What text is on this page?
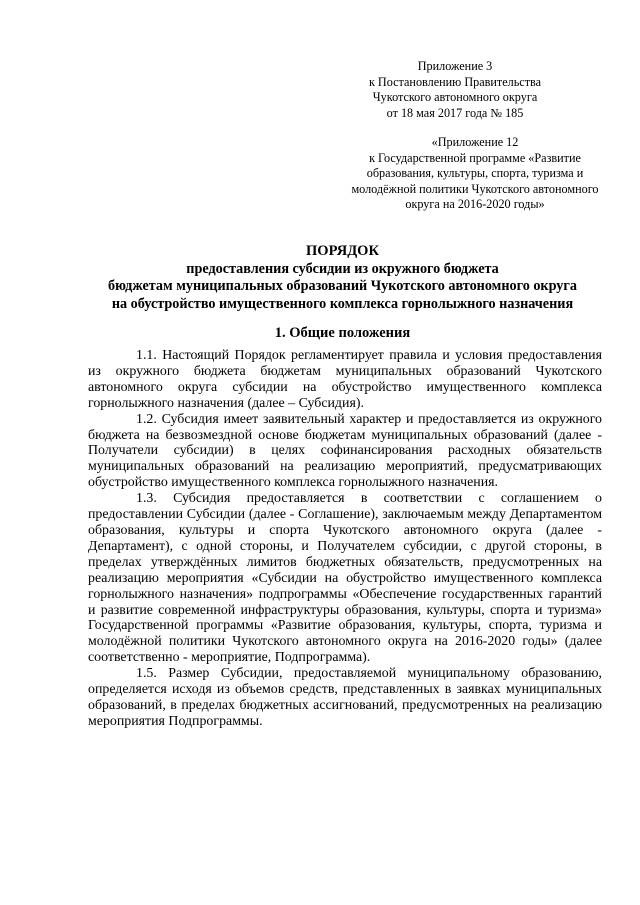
Приложение 3
к Постановлению Правительства
Чукотского автономного округа
от 18 мая 2017 года № 185
«Приложение 12
к Государственной программе «Развитие
образования, культуры, спорта, туризма и
молодёжной политики Чукотского автономного
округа на 2016-2020 годы»
ПОРЯДОК
предоставления субсидии из окружного бюджета
бюджетам муниципальных образований Чукотского автономного округа
на обустройство имущественного комплекса горнолыжного назначения
1. Общие положения

1.1. Настоящий Порядок регламентирует правила и условия предоставления из окружного бюджета бюджетам муниципальных образований Чукотского автономного округа субсидии на обустройство имущественного комплекса горнолыжного назначения (далее – Субсидия).

1.2. Субсидия имеет заявительный характер и предоставляется из окружного бюджета на безвозмездной основе бюджетам муниципальных образований (далее - Получатели субсидии) в целях софинансирования расходных обязательств муниципальных образований на реализацию мероприятий, предусматривающих обустройство имущественного комплекса горнолыжного назначения.

1.3. Субсидия предоставляется в соответствии с соглашением о предоставлении Субсидии (далее - Соглашение), заключаемым между Департаментом образования, культуры и спорта Чукотского автономного округа (далее - Департамент), с одной стороны, и Получателем субсидии, с другой стороны, в пределах утверждённых лимитов бюджетных обязательств, предусмотренных на реализацию мероприятия «Субсидии на обустройство имущественного комплекса горнолыжного назначения» подпрограммы «Обеспечение государственных гарантий и развитие современной инфраструктуры образования, культуры, спорта и туризма» Государственной программы «Развитие образования, культуры, спорта, туризма и молодёжной политики Чукотского автономного округа на 2016-2020 годы» (далее соответственно - мероприятие, Подпрограмма).

1.5. Размер Субсидии, предоставляемой муниципальному образованию, определяется исходя из объемов средств, представленных в заявках муниципальных образований, в пределах бюджетных ассигнований, предусмотренных на реализацию мероприятия Подпрограммы.
